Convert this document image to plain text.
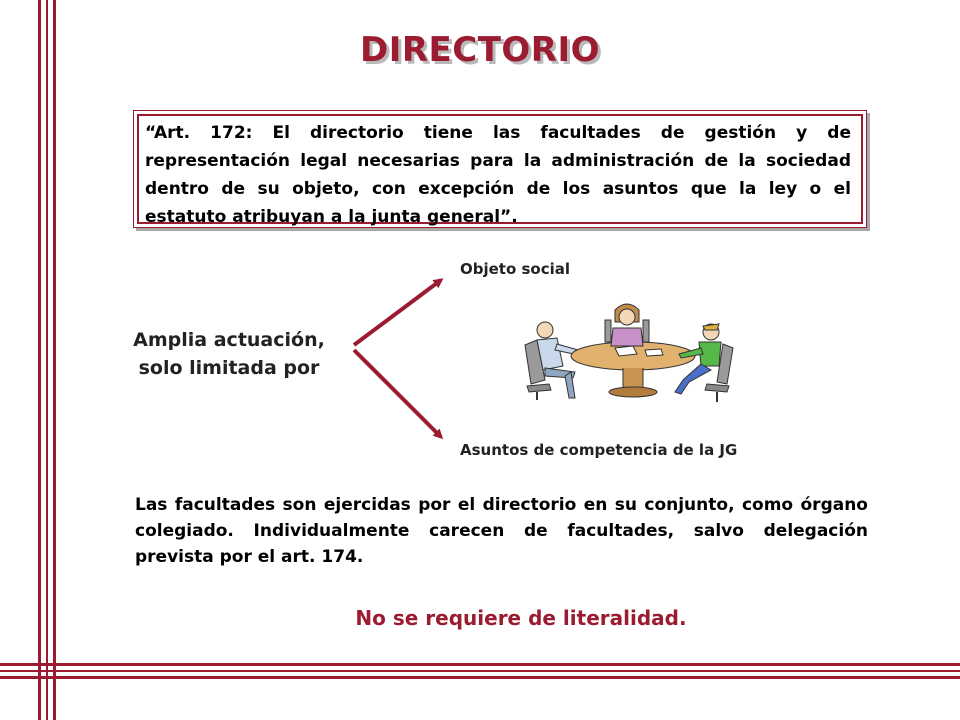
DIRECTORIO
“Art. 172: El directorio tiene las facultades de gestión y de representación legal necesarias para la administración de la sociedad dentro de su objeto, con excepción de los asuntos que la ley o el estatuto atribuyan a la junta general”.
Amplia actuación,
solo limitada por
Objeto social
Asuntos de competencia de la JG
Las facultades son ejercidas por el directorio en su conjunto, como órgano colegiado. Individualmente carecen de facultades, salvo delegación prevista por el art. 174.
No se requiere de literalidad.
